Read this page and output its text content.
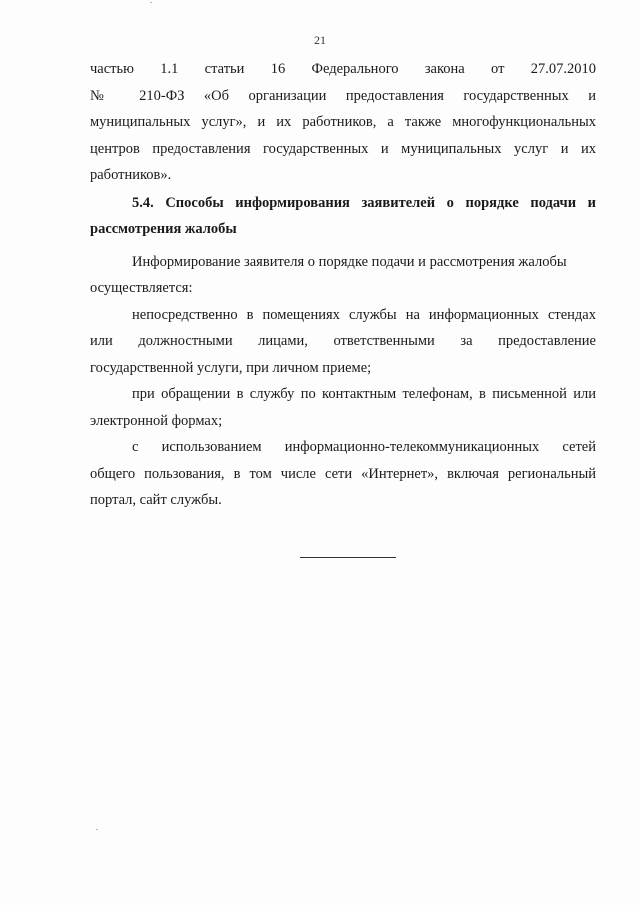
21
частью 1.1 статьи 16 Федерального закона от 27.07.2010
№ 210-ФЗ «Об организации предоставления государственных и
муниципальных услуг», и их работников, а также многофункциональных
центров предоставления государственных и муниципальных услуг и их
работников».
5.4. Способы информирования заявителей о порядке подачи и
рассмотрения жалобы
Информирование заявителя о порядке подачи и рассмотрения жалобы
осуществляется:
непосредственно в помещениях службы на информационных стендах
или должностными лицами, ответственными за предоставление
государственной услуги, при личном приеме;
при обращении в службу по контактным телефонам, в письменной или
электронной формах;
с использованием информационно-телекоммуникационных сетей
общего пользования, в том числе сети «Интернет», включая региональный
портал, сайт службы.
